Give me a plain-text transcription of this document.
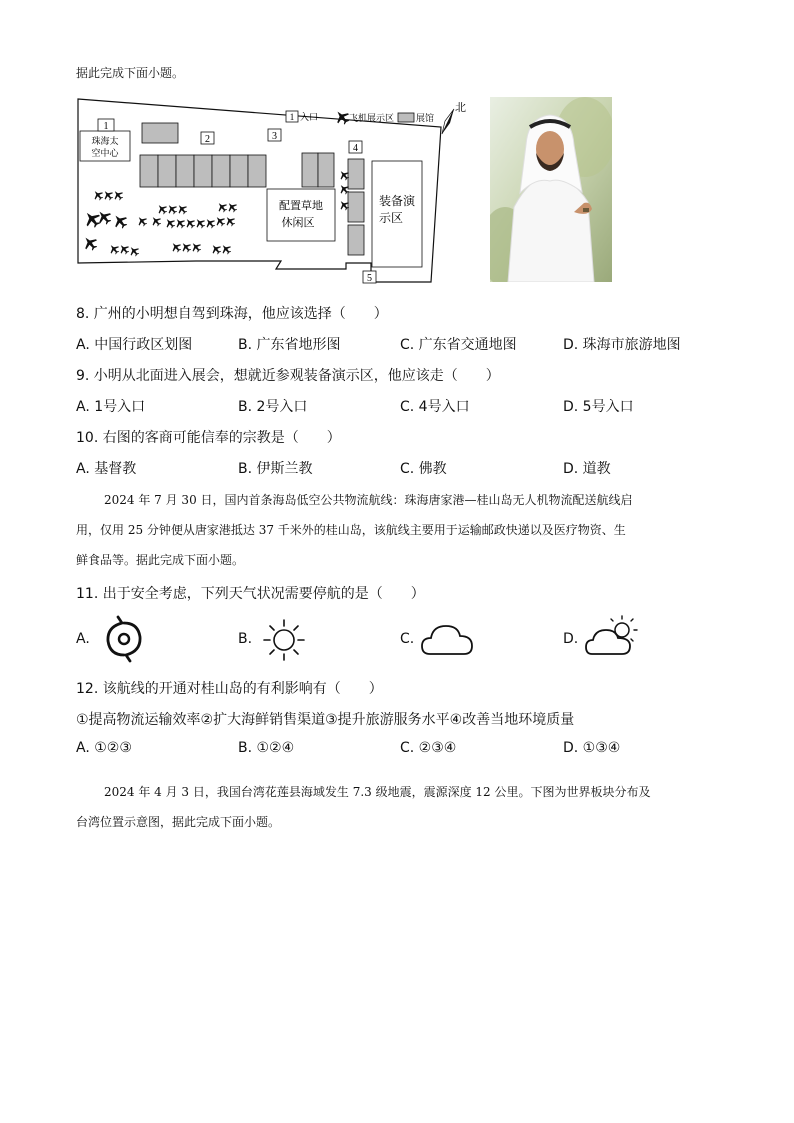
据此完成下面小题。
1
珠海太
空中心
2	3
配置草地
休闲区
4
装备演
示区
5
1 入口	飞机展示区 展馆
北
8. 广州的小明想自驾到珠海，他应该选择（　　）
A. 中国行政区划图	B. 广东省地形图	C. 广东省交通地图	D. 珠海市旅游地图
9. 小明从北面进入展会，想就近参观装备演示区，他应该走（　　）
A. 1号入口	B. 2号入口	C. 4号入口	D. 5号入口
10. 右图的客商可能信奉的宗教是（　　）
A. 基督教	B. 伊斯兰教	C. 佛教	D. 道教
2024 年 7 月 30 日，国内首条海岛低空公共物流航线：珠海唐家港—桂山岛无人机物流配送航线启
用，仅用 25 分钟便从唐家港抵达 37 千米外的桂山岛，该航线主要用于运输邮政快递以及医疗物资、生
鲜食品等。据此完成下面小题。
11. 出于安全考虑，下列天气状况需要停航的是（　　）
A.	B.	C.	D.
12. 该航线的开通对桂山岛的有利影响有（　　）
①提高物流运输效率②扩大海鲜销售渠道③提升旅游服务水平④改善当地环境质量
A. ①②③	B. ①②④	C. ②③④	D. ①③④
2024 年 4 月 3 日，我国台湾花莲县海域发生 7.3 级地震，震源深度 12 公里。下图为世界板块分布及
台湾位置示意图，据此完成下面小题。
